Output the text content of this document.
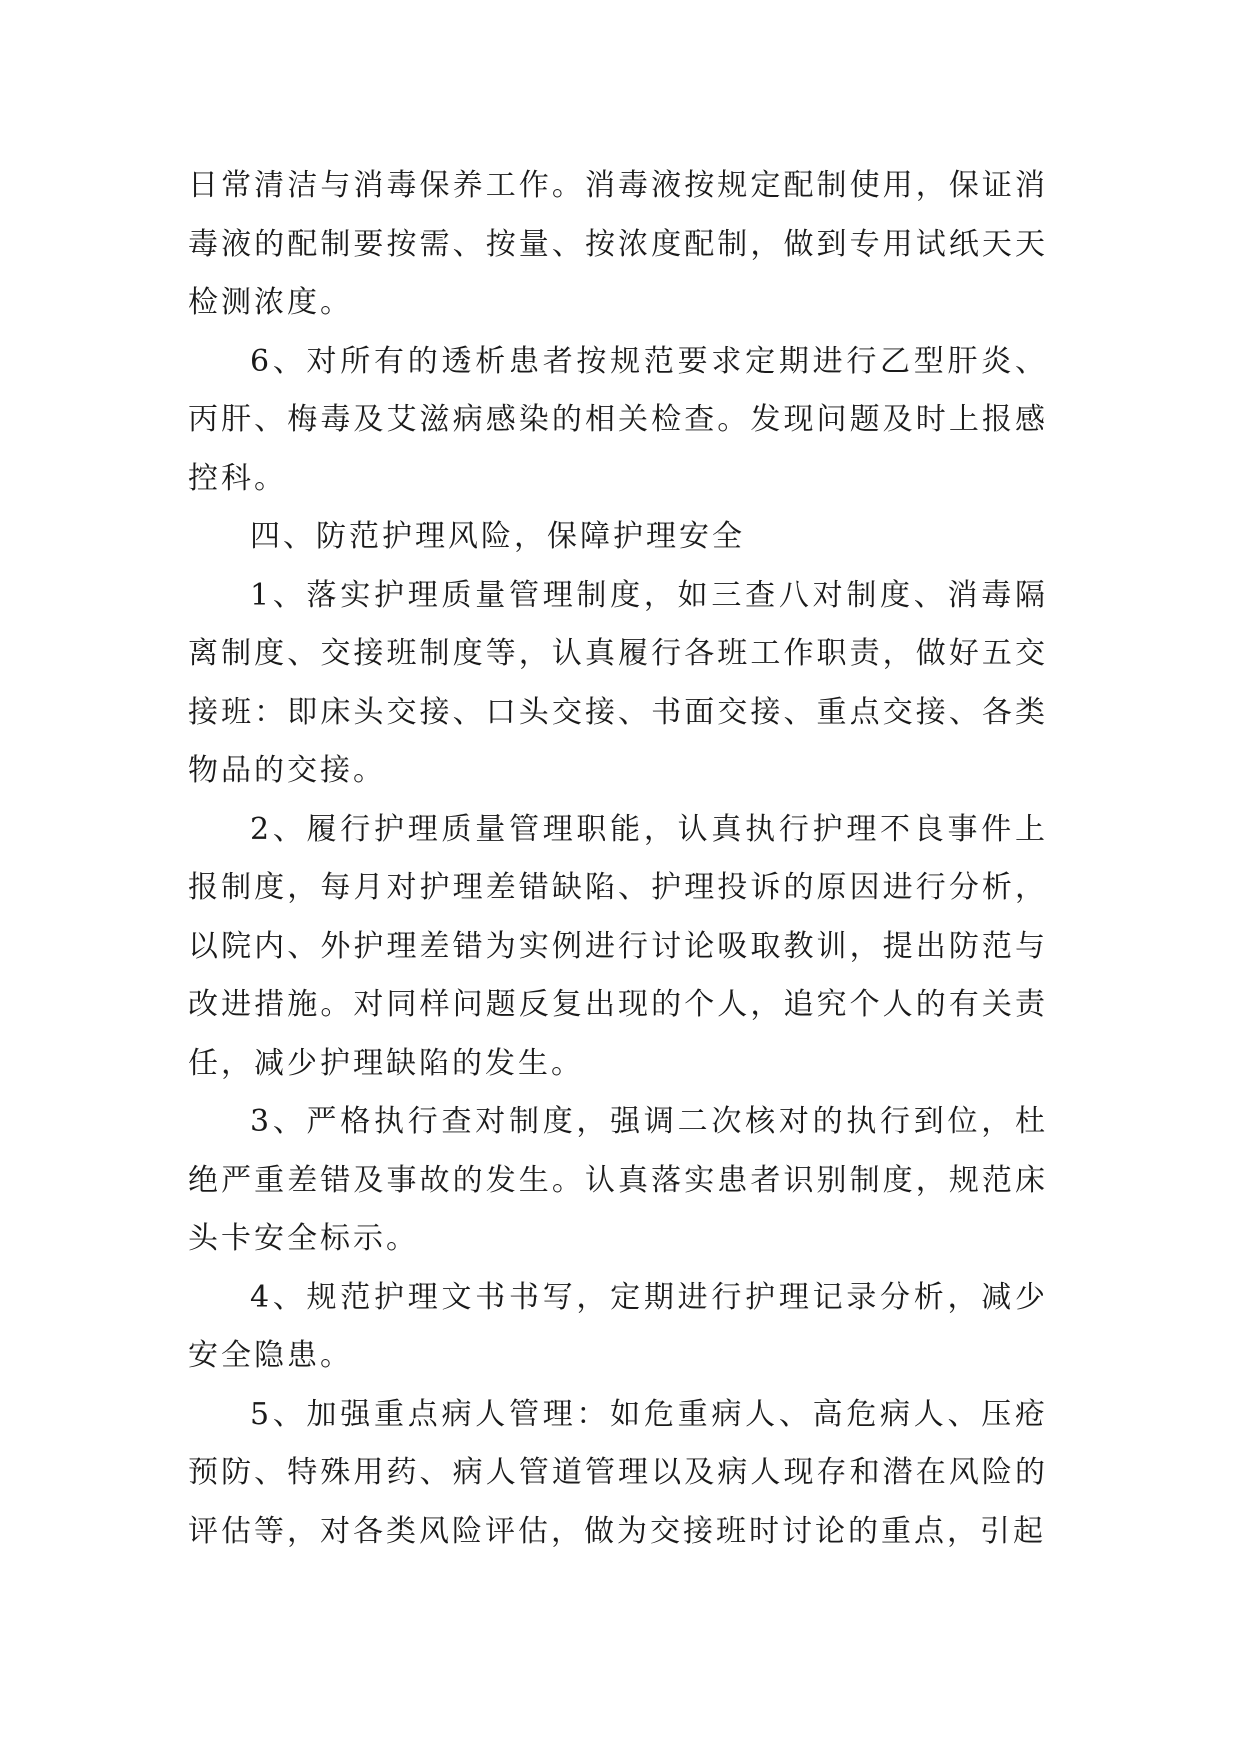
日常清洁与消毒保养工作。消毒液按规定配制使用，保证消毒液的配制要按需、按量、按浓度配制，做到专用试纸天天检测浓度。

6、对所有的透析患者按规范要求定期进行乙型肝炎、丙肝、梅毒及艾滋病感染的相关检查。发现问题及时上报感控科。

四、防范护理风险，保障护理安全

1、落实护理质量管理制度，如三查八对制度、消毒隔离制度、交接班制度等，认真履行各班工作职责，做好五交接班：即床头交接、口头交接、书面交接、重点交接、各类物品的交接。

2、履行护理质量管理职能，认真执行护理不良事件上报制度，每月对护理差错缺陷、护理投诉的原因进行分析，以院内、外护理差错为实例进行讨论吸取教训，提出防范与改进措施。对同样问题反复出现的个人，追究个人的有关责任，减少护理缺陷的发生。

3、严格执行查对制度，强调二次核对的执行到位，杜绝严重差错及事故的发生。认真落实患者识别制度，规范床头卡安全标示。

4、规范护理文书书写，定期进行护理记录分析，减少安全隐患。

5、加强重点病人管理：如危重病人、高危病人、压疮预防、特殊用药、病人管道管理以及病人现存和潜在风险的评估等，对各类风险评估，做为交接班时讨论的重点，引起
